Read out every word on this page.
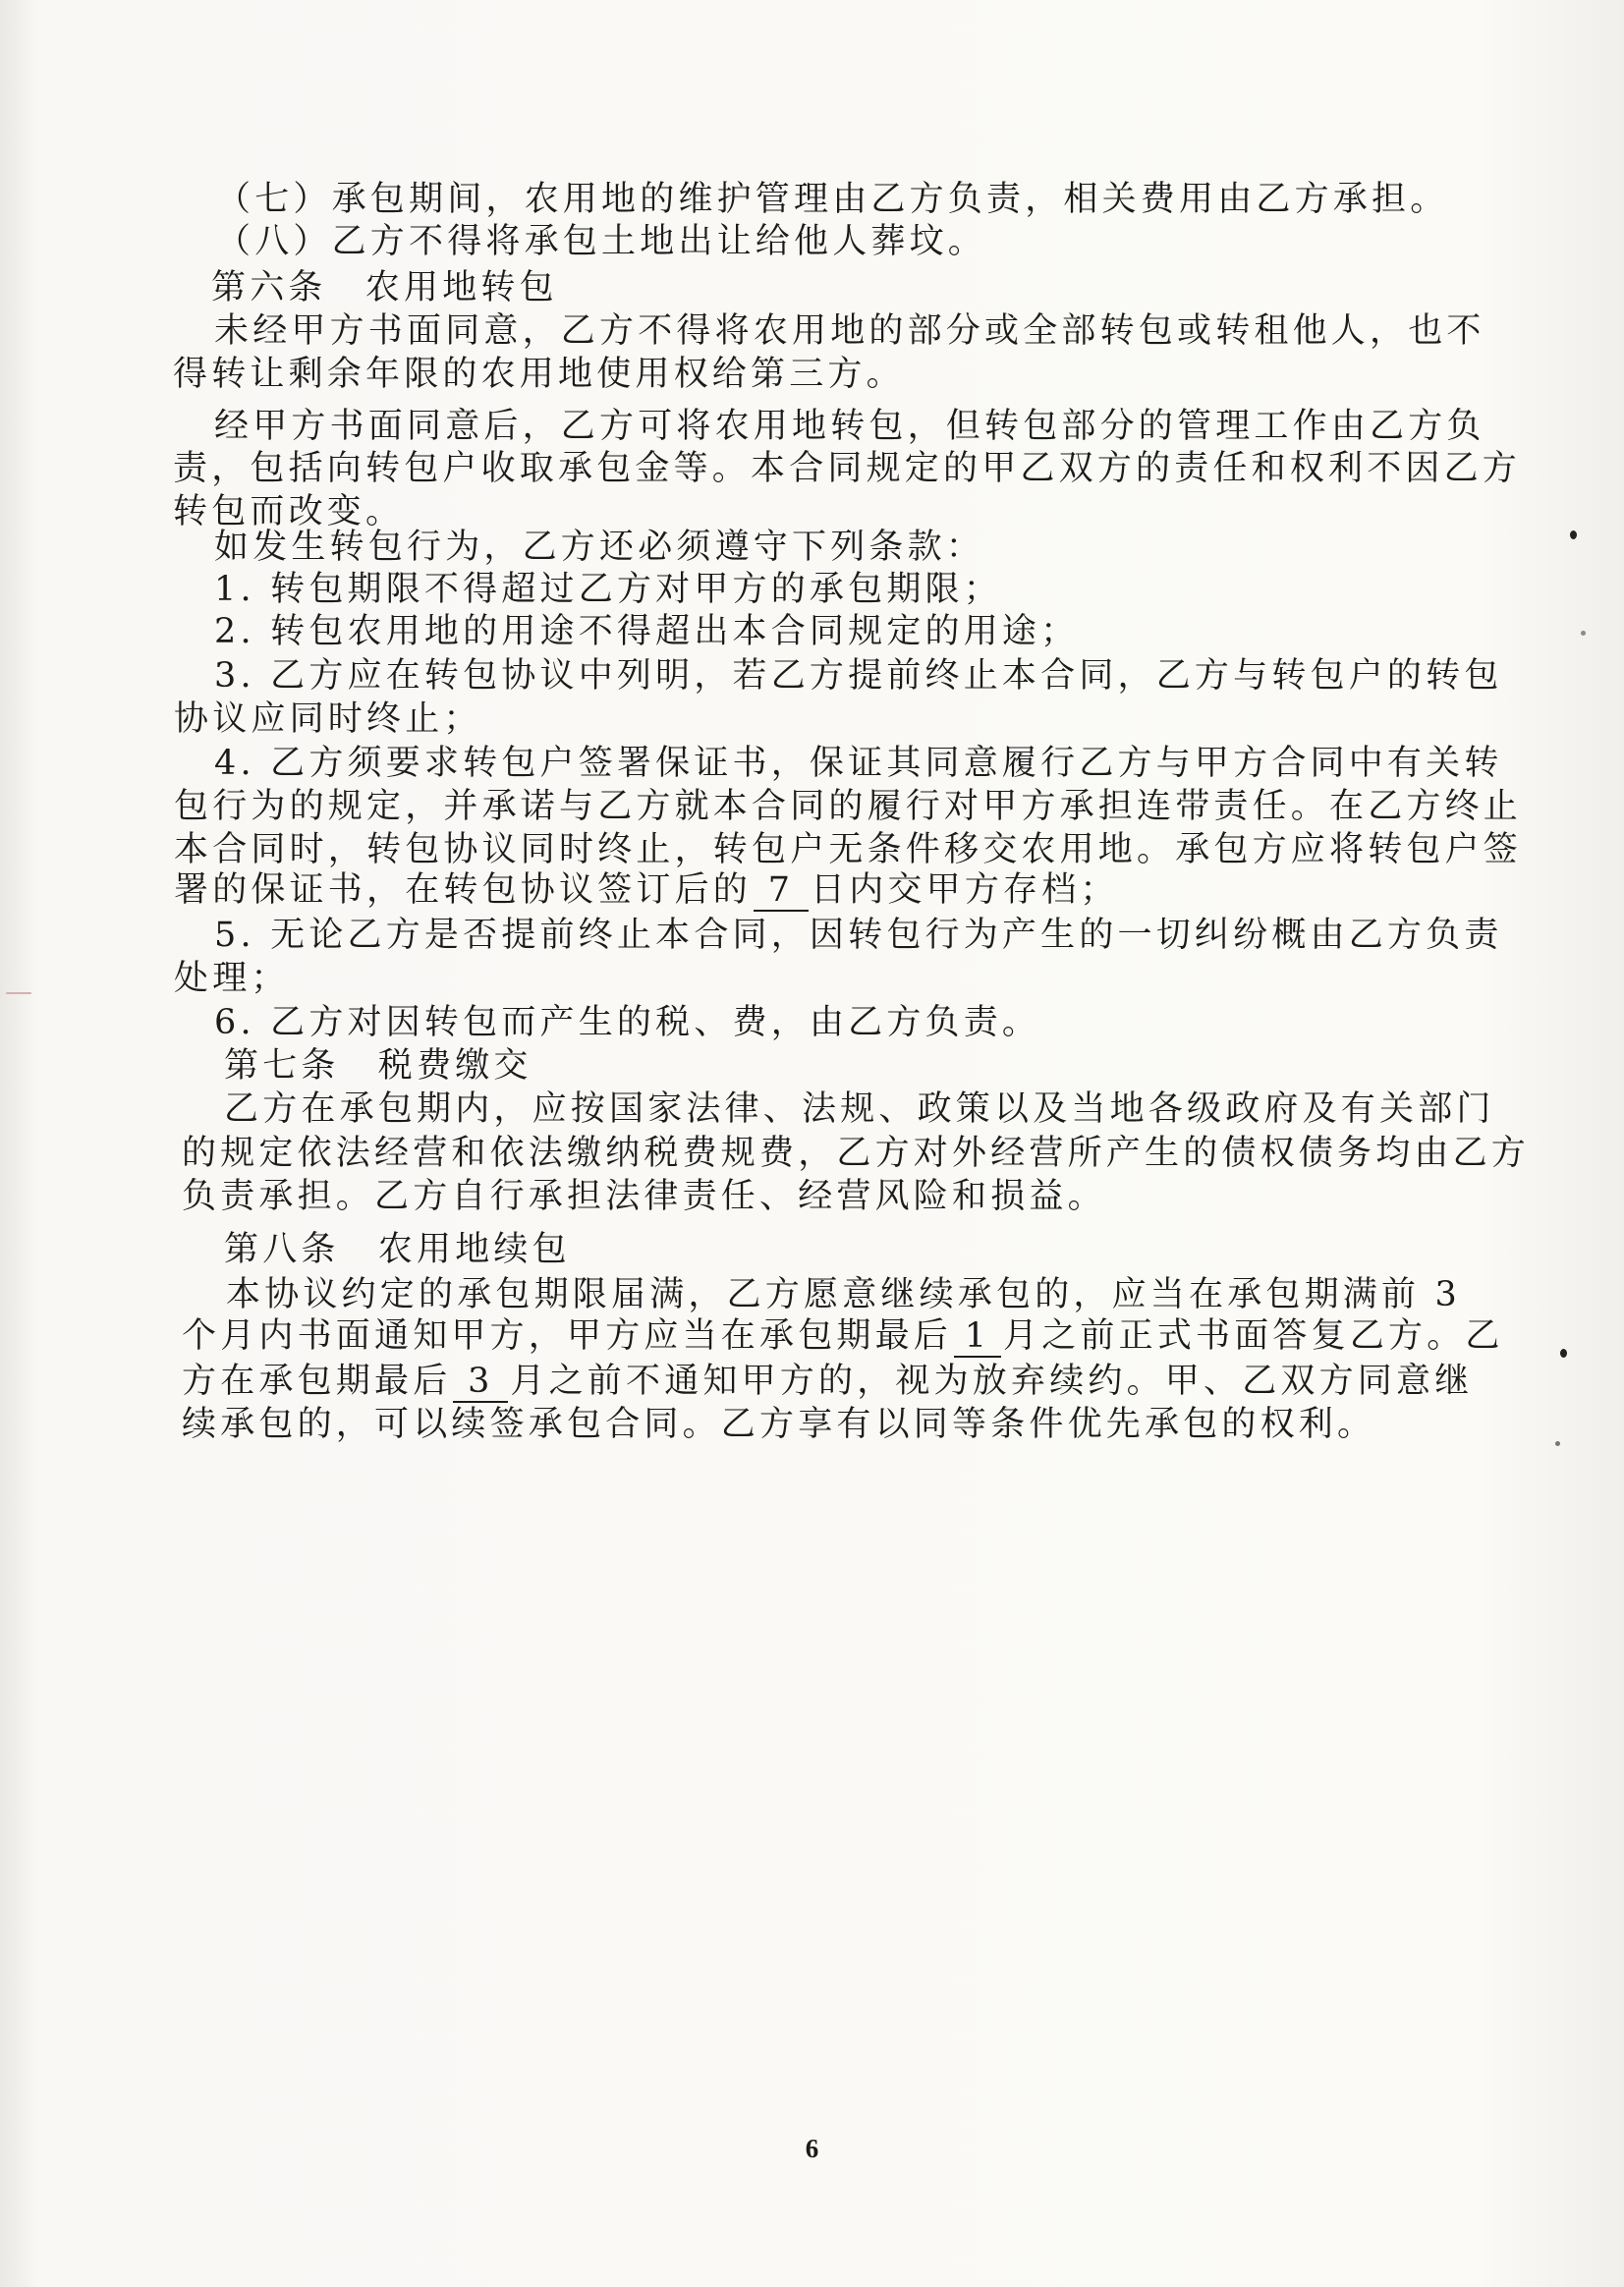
（七）承包期间，农用地的维护管理由乙方负责，相关费用由乙方承担。
（八）乙方不得将承包土地出让给他人葬坟。
第六条　农用地转包
未经甲方书面同意，乙方不得将农用地的部分或全部转包或转租他人，也不
得转让剩余年限的农用地使用权给第三方。
经甲方书面同意后，乙方可将农用地转包，但转包部分的管理工作由乙方负
责，包括向转包户收取承包金等。本合同规定的甲乙双方的责任和权利不因乙方
转包而改变。
如发生转包行为，乙方还必须遵守下列条款：
1. 转包期限不得超过乙方对甲方的承包期限；
2. 转包农用地的用途不得超出本合同规定的用途；
3. 乙方应在转包协议中列明，若乙方提前终止本合同，乙方与转包户的转包
协议应同时终止；
4. 乙方须要求转包户签署保证书，保证其同意履行乙方与甲方合同中有关转
包行为的规定，并承诺与乙方就本合同的履行对甲方承担连带责任。在乙方终止
本合同时，转包协议同时终止，转包户无条件移交农用地。承包方应将转包户签
署的保证书，在转包协议签订后的 7 日内交甲方存档；
5. 无论乙方是否提前终止本合同，因转包行为产生的一切纠纷概由乙方负责
处理；
6. 乙方对因转包而产生的税、费，由乙方负责。
第七条　税费缴交
乙方在承包期内，应按国家法律、法规、政策以及当地各级政府及有关部门
的规定依法经营和依法缴纳税费规费，乙方对外经营所产生的债权债务均由乙方
负责承担。乙方自行承担法律责任、经营风险和损益。
第八条　农用地续包
本协议约定的承包期限届满，乙方愿意继续承包的，应当在承包期满前 3
个月内书面通知甲方，甲方应当在承包期最后 1 月之前正式书面答复乙方。乙
方在承包期最后 3 月之前不通知甲方的，视为放弃续约。甲、乙双方同意继
续承包的，可以续签承包合同。乙方享有以同等条件优先承包的权利。
6
